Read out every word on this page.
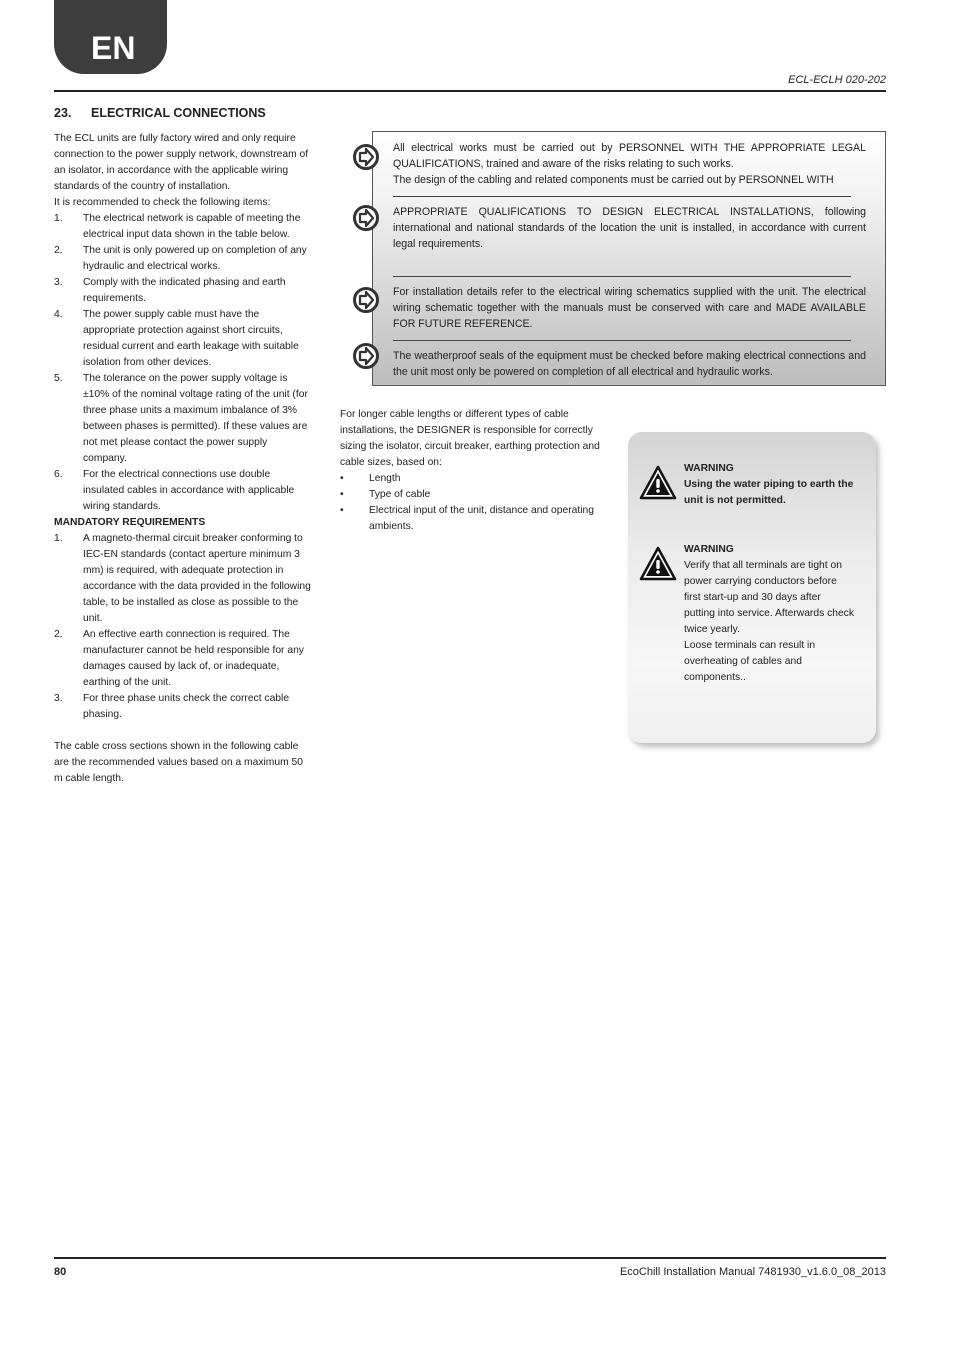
EN
ECL-ECLH 020-202
23. ELECTRICAL CONNECTIONS

The ECL units are fully factory wired and only require connection to the power supply network, downstream of an isolator, in accordance with the applicable wiring standards of the country of installation.

It is recommended to check the following items:

1. The electrical network is capable of meeting the electrical input data shown in the table below.
2. The unit is only powered up on completion of any hydraulic and electrical works.
3. Comply with the indicated phasing and earth requirements.
4. The power supply cable must have the appropriate protection against short circuits, residual current and earth leakage with suitable isolation from other devices.
5. The tolerance on the power supply voltage is ±10% of the nominal voltage rating of the unit (for three phase units a maximum imbalance of 3% between phases is permitted). If these values are not met please contact the power supply company.
6. For the electrical connections use double insulated cables in accordance with applicable wiring standards.

MANDATORY REQUIREMENTS

1. A magneto-thermal circuit breaker conforming to IEC-EN standards (contact aperture minimum 3 mm) is required, with adequate protection in accordance with the data provided in the following table, to be installed as close as possible to the unit.
2. An effective earth connection is required. The manufacturer cannot be held responsible for any damages caused by lack of, or inadequate, earthing of the unit.
3. For three phase units check the correct cable phasing.

The cable cross sections shown in the following cable are the recommended values based on a maximum 50 m cable length.

All electrical works must be carried out by PERSONNEL WITH THE APPROPRIATE LEGAL QUALIFICATIONS, trained and aware of the risks relating to such works.
The design of the cabling and related components must be carried out by PERSONNEL WITH
APPROPRIATE QUALIFICATIONS TO DESIGN ELECTRICAL INSTALLATIONS, following international and national standards of the location the unit is installed, in accordance with current legal requirements.
For installation details refer to the electrical wiring schematics supplied with the unit. The electrical wiring schematic together with the manuals must be conserved with care and MADE AVAILABLE FOR FUTURE REFERENCE.
The weatherproof seals of the equipment must be checked before making electrical connections and the unit most only be powered on completion of all electrical and hydraulic works.

For longer cable lengths or different types of cable installations, the DESIGNER is responsible for correctly sizing the isolator, circuit breaker, earthing protection and cable sizes, based on:

• Length
• Type of cable
• Electrical input of the unit, distance and operating ambients.
WARNING
Using the water piping to earth the unit is not permitted.
WARNING
Verify that all terminals are tight on power carrying conductors before first start-up and 30 days after putting into service. Afterwards check twice yearly.
Loose terminals can result in overheating of cables and components..
80	EcoChill Installation Manual 7481930_v1.6.0_08_2013
